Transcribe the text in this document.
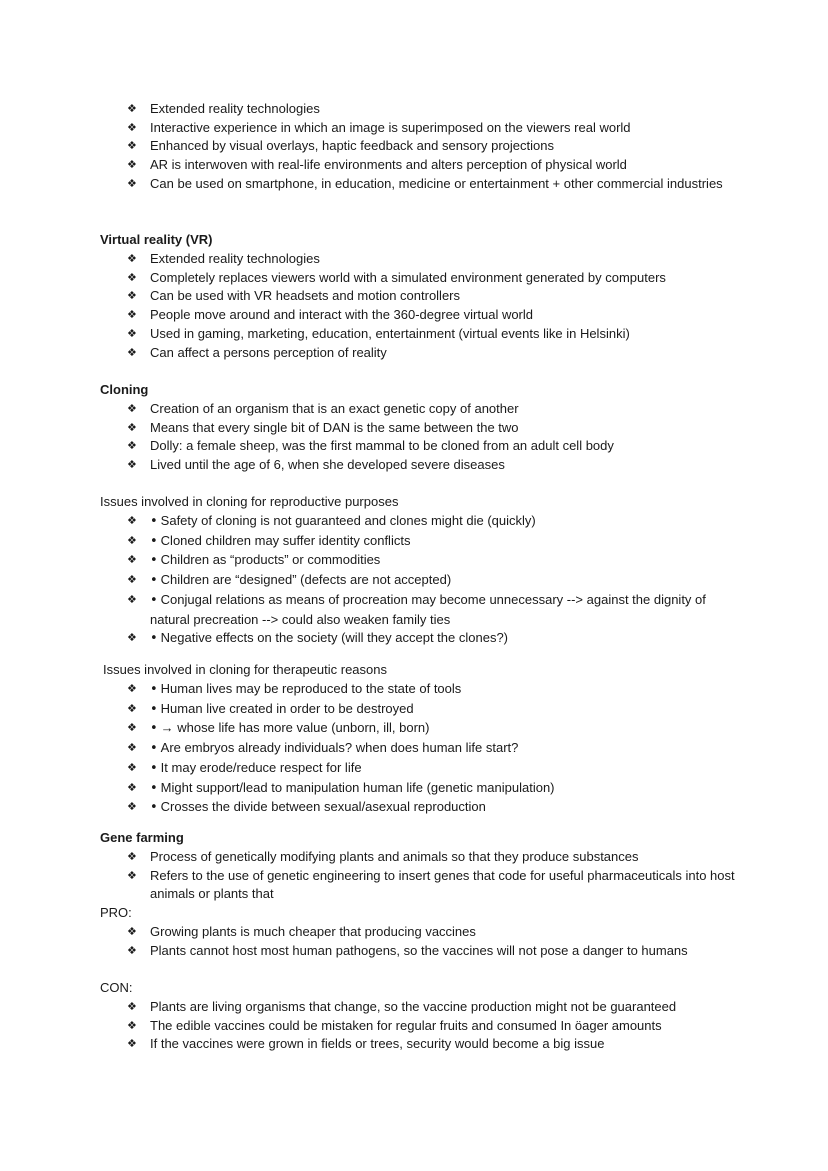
❖ Extended reality technologies
❖ Interactive experience in which an image is superimposed on the viewers real world
❖ Enhanced by visual overlays, haptic feedback and sensory projections
❖ AR is interwoven with real-life environments and alters perception of physical world
❖ Can be used on smartphone, in education, medicine or entertainment + other commercial industries
Virtual reality (VR)
❖ Extended reality technologies
❖ Completely replaces viewers world with a simulated environment generated by computers
❖ Can be used with VR headsets and motion controllers
❖ People move around and interact with the 360-degree virtual world
❖ Used in gaming, marketing, education, entertainment (virtual events like in Helsinki)
❖ Can affect a persons perception of reality
Cloning
❖ Creation of an organism that is an exact genetic copy of another
❖ Means that every single bit of DAN is the same between the two
❖ Dolly: a female sheep, was the first mammal to be cloned from an adult cell body
❖ Lived until the age of 6, when she developed severe diseases
Issues involved in cloning for reproductive purposes
❖ • Safety of cloning is not guaranteed and clones might die (quickly)
❖ • Cloned children may suffer identity conflicts
❖ • Children as “products” or commodities
❖ • Children are “designed” (defects are not accepted)
❖ • Conjugal relations as means of procreation may become unnecessary --> against the dignity of natural precreation --> could also weaken family ties
❖ • Negative effects on the society (will they accept the clones?)
Issues involved in cloning for therapeutic reasons
❖ • Human lives may be reproduced to the state of tools
❖ • Human live created in order to be destroyed
❖ • → whose life has more value (unborn, ill, born)
❖ • Are embryos already individuals? when does human life start?
❖ • It may erode/reduce respect for life
❖ • Might support/lead to manipulation human life (genetic manipulation)
❖ • Crosses the divide between sexual/asexual reproduction
Gene farming
❖ Process of genetically modifying plants and animals so that they produce substances
❖ Refers to the use of genetic engineering to insert genes that code for useful pharmaceuticals into host animals or plants that
PRO:
❖ Growing plants is much cheaper that producing vaccines
❖ Plants cannot host most human pathogens, so the vaccines will not pose a danger to humans
CON:
❖ Plants are living organisms that change, so the vaccine production might not be guaranteed
❖ The edible vaccines could be mistaken for regular fruits and consumed In öager amounts
❖ If the vaccines were grown in fields or trees, security would become a big issue
